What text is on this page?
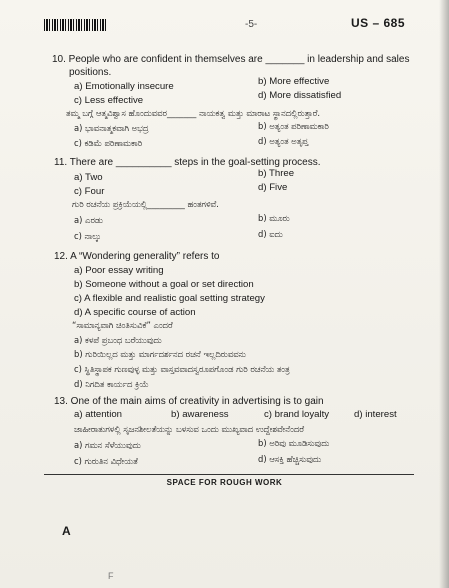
-5-	US – 685
10. People who are confident in themselves are _______ in leadership and sales
positions.
a) Emotionally insecure	b) More effective
c) Less effective	d) More dissatisfied
ತಮ್ಮ ಬಗ್ಗೆ ಆತ್ಮವಿಶ್ವಾಸ ಹೊಂದುವವರ_______ ನಾಯಕತ್ವ ಮತ್ತು ಮಾರಾಟ ಸ್ಥಾನದಲ್ಲಿರುತ್ತಾರೆ.
a) ಭಾವನಾತ್ಮಕವಾಗಿ ಅಭದ್ರ	b) ಅತ್ಯಂತ ಪರಿಣಾಮಕಾರಿ
c) ಕಡಿಮೆ ಪರಿಣಾಮಕಾರಿ	d) ಅತ್ಯಂತ ಅತೃಪ್ತ
11. There are __________ steps in the goal-setting process.
a) Two	b) Three
c) Four	d) Five
ಗುರಿ ರಚನೆಯ ಪ್ರಕ್ರಿಯೆಯಲ್ಲಿ_________ ಹಂತಗಳಿವೆ.
a) ಎರಡು	b) ಮೂರು
c) ನಾಲ್ಕು	d) ಐದು
12. A “Wondering generality” refers to
a) Poor essay writing
b) Someone without a goal or set direction
c) A flexible and realistic goal setting strategy
d) A specific course of action
“ಸಾಮಾನ್ಯವಾಗಿ ಚಿಂತಿಸುವಿಕೆ” ಎಂದರೆ
a) ಕಳಪೆ ಪ್ರಬಂಧ ಬರೆಯುವುದು
b) ಗುರಿಯಿಲ್ಲದ ಮತ್ತು ಮಾರ್ಗದರ್ಶನದ ರಚನೆ ಇಲ್ಲದಿರುವವನು
c) ಸ್ಥಿತಿಸ್ಥಾಪಕ ಗುಣವುಳ್ಳ ಮತ್ತು ವಾಸ್ತವವಾದಸ್ವರೂಪಗೊಂಡ ಗುರಿ ರಚನೆಯ ತಂತ್ರ
d) ನಿಗದಿತ ಕಾರ್ಯದ ಕ್ರಿಯೆ
13. One of the main aims of creativity in advertising is to gain
a) attention	b) awareness	c) brand loyalty	d) interest
ಜಾಹೀರಾತುಗಳಲ್ಲಿ ಸೃಜನಶೀಲತೆಯನ್ನು ಬಳಸುವ ಒಂದು ಮುಖ್ಯವಾದ ಉದ್ದೇಶವೇನೆಂದರೆ
a) ಗಮನ ಸೆಳೆಯುವುದು	b) ಅರಿವು ಮೂಡಿಸುವುದು
c) ಗುರುತಿನ ವಿಧೇಯತೆ	d) ಆಸಕ್ತಿ ಹೆಚ್ಚಿಸುವುದು
SPACE FOR ROUGH WORK
A
F
